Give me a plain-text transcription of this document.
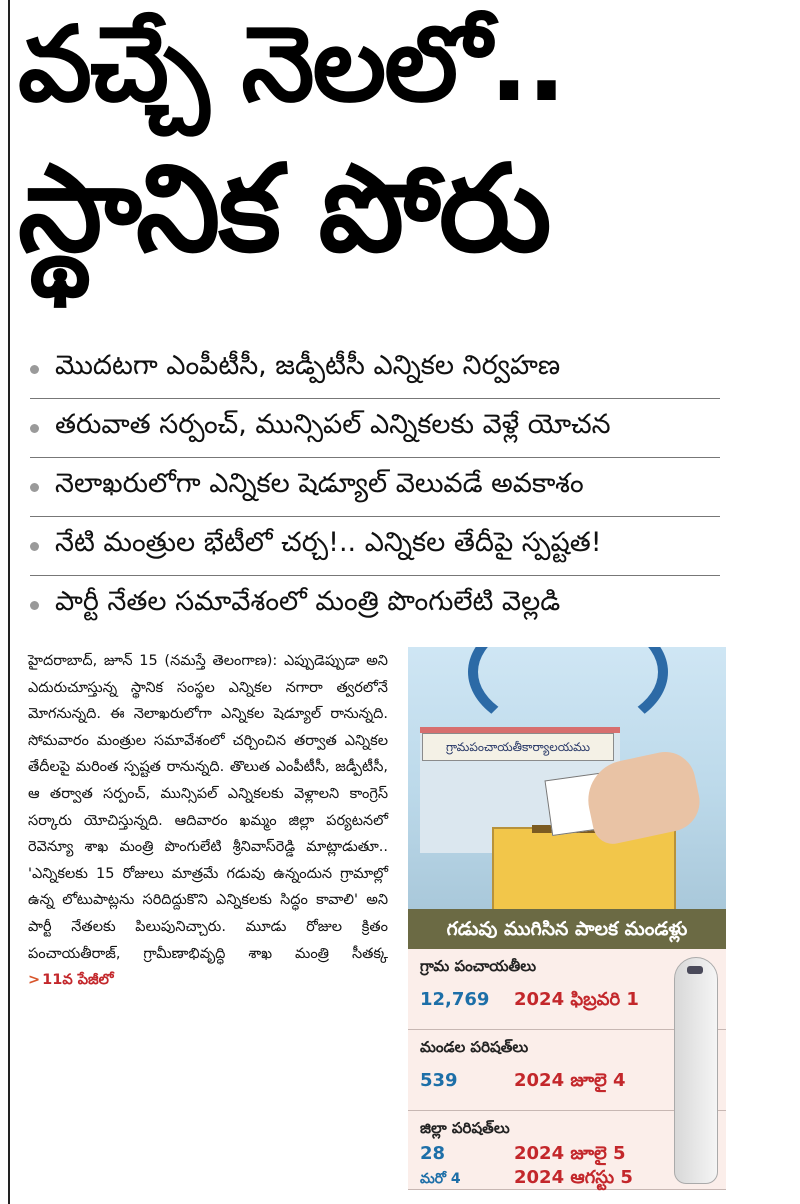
వచ్చే నెలలో..
స్థానిక పోరు
మొదటగా ఎంపీటీసీ, జడ్పీటీసీ ఎన్నికల నిర్వహణ
తరువాత సర్పంచ్, మున్సిపల్ ఎన్నికలకు వెళ్లే యోచన
నెలాఖరులోగా ఎన్నికల షెడ్యూల్ వెలువడే అవకాశం
నేటి మంత్రుల భేటీలో చర్చ!.. ఎన్నికల తేదీపై స్పష్టత!
పార్టీ నేతల సమావేశంలో మంత్రి పొంగులేటి వెల్లడి
హైదరాబాద్, జూన్ 15 (నమస్తే తెలంగాణ): ఎప్పుడెప్పుడా అని ఎదురుచూస్తున్న స్థానిక సంస్థల ఎన్నికల నగారా త్వరలోనే మోగనున్నది. ఈ నెలాఖరులోగా ఎన్నికల షెడ్యూల్ రానున్నది. సోమవారం మంత్రుల సమావేశంలో చర్చించిన తర్వాత ఎన్నికల తేదీలపై మరింత స్పష్టత రానున్నది. తొలుత ఎంపీటీసీ, జడ్పీటీసీ, ఆ తర్వాత సర్పంచ్, మున్సిపల్ ఎన్నికలకు వెళ్లాలని కాంగ్రెస్ సర్కారు యోచిస్తున్నది. ఆదివారం ఖమ్మం జిల్లా పర్యటనలో రెవెన్యూ శాఖ మంత్రి పొంగులేటి శ్రీనివాస్‌రెడ్డి మాట్లాడుతూ.. 'ఎన్నికలకు 15 రోజులు మాత్రమే గడువు ఉన్నందున గ్రామాల్లో ఉన్న లోటుపాట్లను సరిదిద్దుకొని ఎన్నికలకు సిద్ధం కావాలి' అని పార్టీ నేతలకు పిలుపునిచ్చారు. మూడు రోజుల క్రితం పంచాయతీరాజ్, గ్రామీణాభివృద్ధి శాఖ మంత్రి సీతక్క > 11వ పేజీలో
గ్రామపంచాయతీకార్యాలయము
గడువు ముగిసిన పాలక మండళ్లు
గ్రామ పంచాయతీలు
12,769 2024 ఫిబ్రవరి 1
మండల పరిషత్‌లు
539	2024 జూలై 4
జిల్లా పరిషత్‌లు
28	2024 జూలై 5
మరో 4	2024 ఆగస్టు 5
